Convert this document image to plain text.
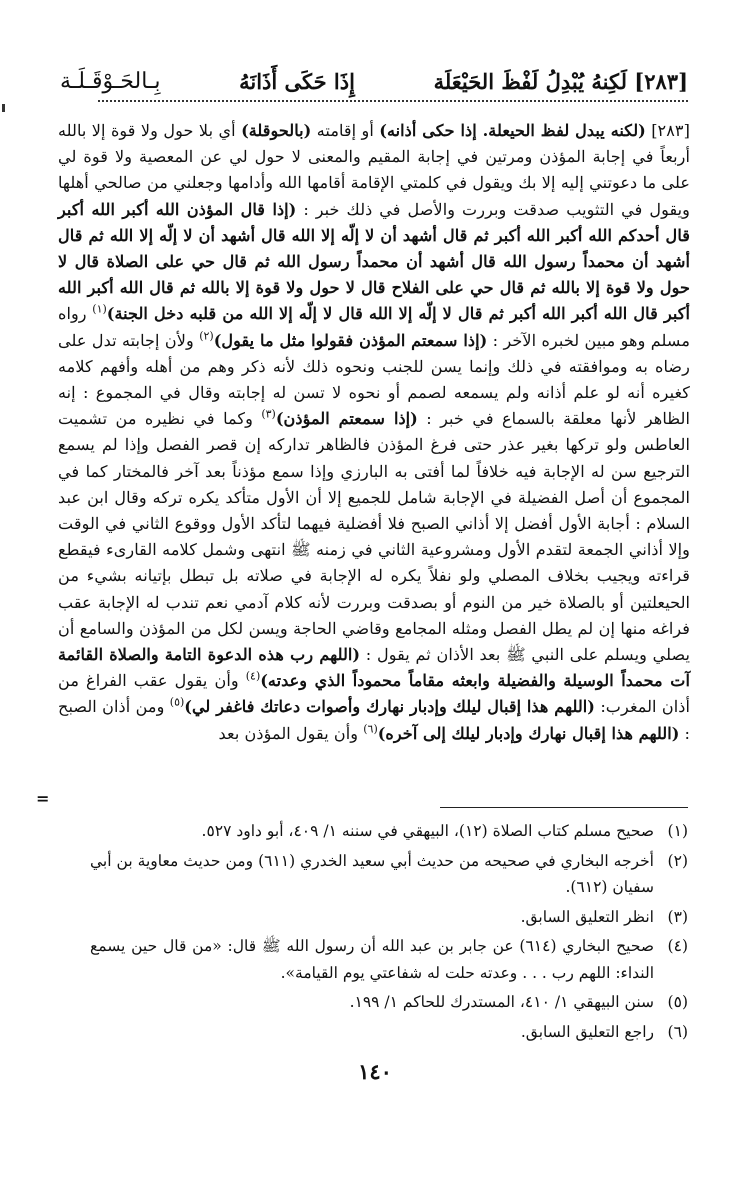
[٢٨٣] لَكِنهُ يُبْدِلُ لَفْظَ الحَيْعَلَة
إِذَا حَكَى أَذَانَهُ
بِـالحَـوْقَـلَـة

[٢٨٣] (لكنه يبدل لفظ الحيعلة. إذا حكى أذانه) أو إقامته (بالحوقلة) أي بلا حول ولا قوة إلا بالله أربعاً في إجابة المؤذن ومرتين في إجابة المقيم والمعنى لا حول لي عن المعصية ولا قوة لي على ما دعوتني إليه إلا بك ويقول في كلمتي الإقامة أقامها الله وأدامها وجعلني من صالحي أهلها ويقول في التثويب صدقت وبررت والأصل في ذلك خبر : (إذا قال المؤذن الله أكبر الله أكبر قال أحدكم الله أكبر الله أكبر ثم قال أشهد أن لا إلّه إلا الله قال أشهد أن لا إلّه إلا الله ثم قال أشهد أن محمداً رسول الله قال أشهد أن محمداً رسول الله ثم قال حي على الصلاة قال لا حول ولا قوة إلا بالله ثم قال حي على الفلاح قال لا حول ولا قوة إلا بالله ثم قال الله أكبر الله أكبر قال الله أكبر الله أكبر ثم قال لا إلّه إلا الله قال لا إلّه إلا الله من قلبه دخل الجنة)$^{(١)}$ رواه مسلم وهو مبين لخبره الآخر : (إذا سمعتم المؤذن فقولوا مثل ما يقول)$^{(٢)}$ ولأن إجابته تدل على رضاه به وموافقته في ذلك وإنما يسن للجنب ونحوه ذلك لأنه ذكر وهم من أهله وأفهم كلامه كغيره أنه لو علم أذانه ولم يسمعه لصمم أو نحوه لا تسن له إجابته وقال في المجموع : إنه الظاهر لأنها معلقة بالسماع في خبر : (إذا سمعتم المؤذن)$^{(٣)}$ وكما في نظيره من تشميت العاطس ولو تركها بغير عذر حتى فرغ المؤذن فالظاهر تداركه إن قصر الفصل وإذا لم يسمع الترجيع سن له الإجابة فيه خلافاً لما أفتى به البارزي وإذا سمع مؤذناً بعد آخر فالمختار كما في المجموع أن أصل الفضيلة في الإجابة شامل للجميع إلا أن الأول متأكد يكره تركه وقال ابن عبد السلام : أجابة الأول أفضل إلا أذاني الصبح فلا أفضلية فيهما لتأكد الأول ووقوع الثاني في الوقت وإلا أذاني الجمعة لتقدم الأول ومشروعية الثاني في زمنه ﷺ انتهى وشمل كلامه القارىء فيقطع قراءته ويجيب بخلاف المصلي ولو نفلاً يكره له الإجابة في صلاته بل تبطل بإتيانه بشيء من الحيعلتين أو بالصلاة خير من النوم أو بصدقت وبررت لأنه كلام آدمي نعم تندب له الإجابة عقب فراغه منها إن لم يطل الفصل ومثله المجامع وقاضي الحاجة ويسن لكل من المؤذن والسامع أن يصلي ويسلم على النبي ﷺ بعد الأذان ثم يقول : (اللهم رب هذه الدعوة التامة والصلاة القائمة آت محمداً الوسيلة والفضيلة وابعثه مقاماً محموداً الذي وعدته)$^{(٤)}$ وأن يقول عقب الفراغ من أذان المغرب: (اللهم هذا إقبال ليلك وإدبار نهارك وأصوات دعاتك فاغفر لي)$^{(٥)}$ ومن أذان الصبح : (اللهم هذا إقبال نهارك وإدبار ليلك إلى آخره)$^{(٦)}$ وأن يقول المؤذن بعد

=
(١)
صحيح مسلم كتاب الصلاة (١٢)، البيهقي في سننه ١/ ٤٠٩، أبو داود ٥٢٧.
(٢)
أخرجه البخاري في صحيحه من حديث أبي سعيد الخدري (٦١١) ومن حديث معاوية بن أبي سفيان (٦١٢).
(٣)
انظر التعليق السابق.
(٤)
صحيح البخاري (٦١٤) عن جابر بن عبد الله أن رسول الله ﷺ قال: «من قال حين يسمع النداء: اللهم رب . . . وعدته حلت له شفاعتي يوم القيامة».
(٥)
سنن البيهقي ١/ ٤١٠، المستدرك للحاكم ١/ ١٩٩.
(٦)
راجع التعليق السابق.
١٤٠
